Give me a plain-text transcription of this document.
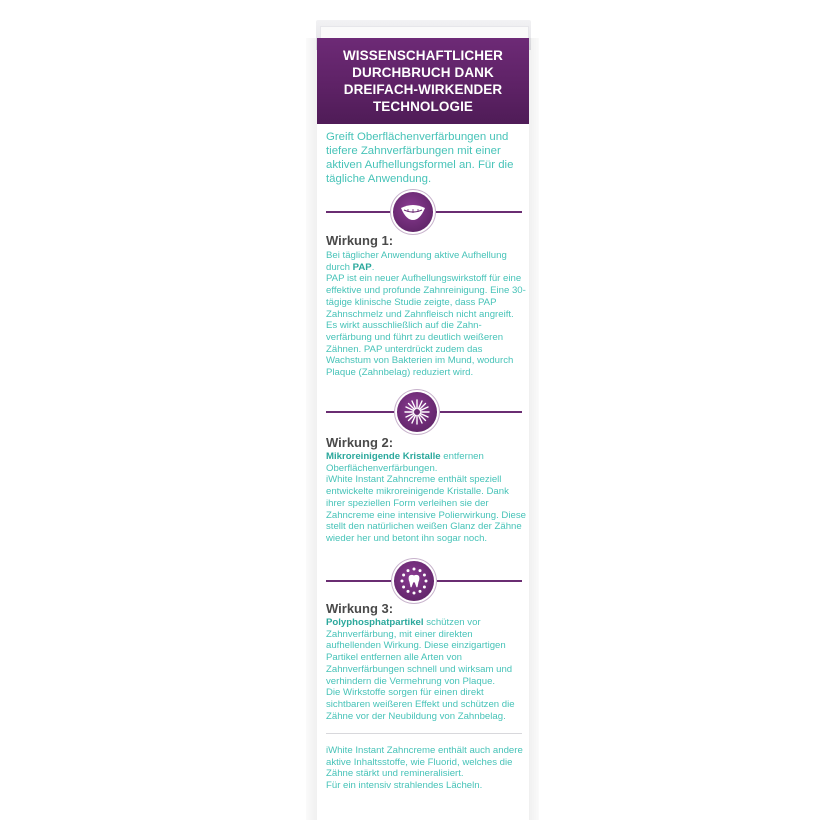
WISSENSCHAFTLICHER
DURCHBRUCH DANK
DREIFACH-WIRKENDER
TECHNOLOGIE
Greift Oberflächenverfärbungen und tiefere Zahnverfärbungen mit einer aktiven Aufhellungsformel an. Für die tägliche Anwendung.
Wirkung 1:
Bei täglicher Anwendung aktive Aufhellung durch PAP.
PAP ist ein neuer Aufhellungswirkstoff für eine effektive und profunde Zahnreinigung. Eine 30-tägige klinische Studie zeigte, dass PAP Zahnschmelz und Zahnfleisch nicht angreift. Es wirkt ausschließlich auf die Zahn-verfärbung und führt zu deutlich weißeren Zähnen. PAP unterdrückt zudem das Wachstum von Bakterien im Mund, wodurch Plaque (Zahnbelag) reduziert wird.
Wirkung 2:
Mikroreinigende Kristalle entfernen Oberflächenverfärbungen.
iWhite Instant Zahncreme enthält speziell entwickelte mikroreinigende Kristalle. Dank ihrer speziellen Form verleihen sie der Zahncreme eine intensive Polierwirkung. Diese stellt den natürlichen weißen Glanz der Zähne wieder her und betont ihn sogar noch.
Wirkung 3:
Polyphosphatpartikel schützen vor Zahnverfärbung, mit einer direkten aufhellenden Wirkung. Diese einzigartigen Partikel entfernen alle Arten von Zahnverfärbungen schnell und wirksam und verhindern die Vermehrung von Plaque.
Die Wirkstoffe sorgen für einen direkt sichtbaren weißeren Effekt und schützen die Zähne vor der Neubildung von Zahnbelag.
iWhite Instant Zahncreme enthält auch andere aktive Inhaltsstoffe, wie Fluorid, welches die Zähne stärkt und remineralisiert.
Für ein intensiv strahlendes Lächeln.
